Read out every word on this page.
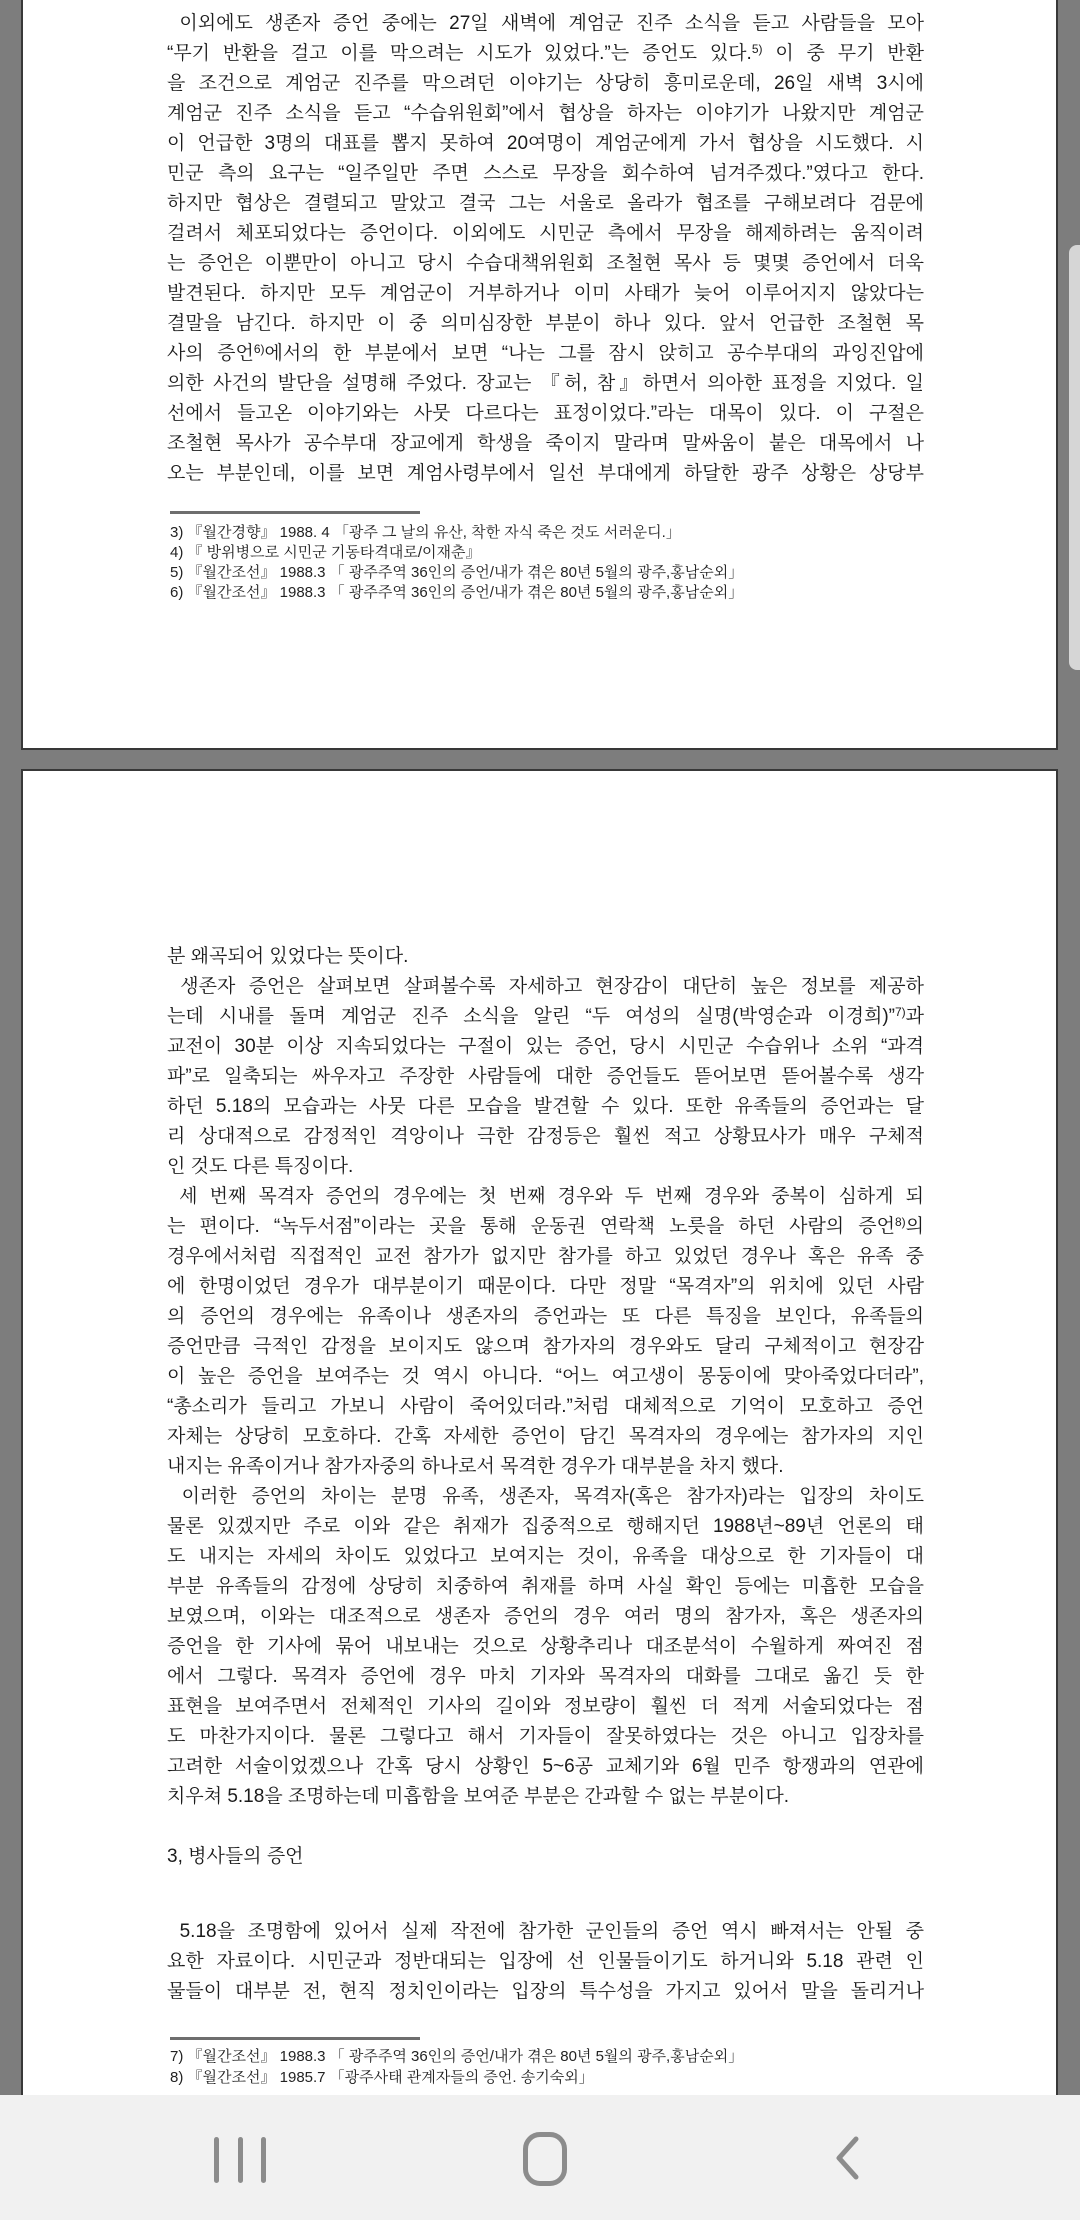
이외에도 생존자 증언 중에는 27일 새벽에 계엄군 진주 소식을 듣고 사람들을 모아
“무기 반환을 걸고 이를 막으려는 시도가 있었다.”는 증언도 있다.$^{5)}$ 이 중 무기 반환
을 조건으로 계엄군 진주를 막으려던 이야기는 상당히 흥미로운데, 26일 새벽 3시에
계엄군 진주 소식을 듣고 “수습위원회”에서 협상을 하자는 이야기가 나왔지만 계엄군
이 언급한 3명의 대표를 뽑지 못하여 20여명이 계엄군에게 가서 협상을 시도했다. 시
민군 측의 요구는 “일주일만 주면 스스로 무장을 회수하여 넘겨주겠다.”였다고 한다.
하지만 협상은 결렬되고 말았고 결국 그는 서울로 올라가 협조를 구해보려다 검문에
걸려서 체포되었다는 증언이다. 이외에도 시민군 측에서 무장을 해제하려는 움직이려
는 증언은 이뿐만이 아니고 당시 수습대책위원회 조철현 목사 등 몇몇 증언에서 더욱
발견된다. 하지만 모두 계엄군이 거부하거나 이미 사태가 늦어 이루어지지 않았다는
결말을 남긴다. 하지만 이 중 의미심장한 부분이 하나 있다. 앞서 언급한 조철현 목
사의 증언$^{6)}$에서의 한 부분에서 보면 “나는 그를 잠시 앉히고 공수부대의 과잉진압에
의한 사건의 발단을 설명해 주었다. 장교는 『허, 참』하면서 의아한 표정을 지었다. 일
선에서 들고온 이야기와는 사뭇 다르다는 표정이었다.”라는 대목이 있다. 이 구절은
조철현 목사가 공수부대 장교에게 학생을 죽이지 말라며 말싸움이 붙은 대목에서 나
오는 부분인데, 이를 보면 계엄사령부에서 일선 부대에게 하달한 광주 상황은 상당부
3) 『월간경향』 1988. 4 「광주 그 날의 유산, 착한 자식 죽은 것도 서러운디.」
4) 『 방위병으로 시민군 기동타격대로/이재춘』
5) 『월간조선』 1988.3 「 광주주역 36인의 증언/내가 겪은 80년 5월의 광주,홍남순외」
6) 『월간조선』 1988.3 「 광주주역 36인의 증언/내가 겪은 80년 5월의 광주,홍남순외」
분 왜곡되어 있었다는 뜻이다.
생존자 증언은 살펴보면 살펴볼수록 자세하고 현장감이 대단히 높은 정보를 제공하
는데 시내를 돌며 계엄군 진주 소식을 알린 “두 여성의 실명(박영순과 이경희)”$^{7)}$과
교전이 30분 이상 지속되었다는 구절이 있는 증언, 당시 시민군 수습위나 소위 “과격
파”로 일축되는 싸우자고 주장한 사람들에 대한 증언들도 뜯어보면 뜯어볼수록 생각
하던 5.18의 모습과는 사뭇 다른 모습을 발견할 수 있다. 또한 유족들의 증언과는 달
리 상대적으로 감정적인 격앙이나 극한 감정등은 훨씬 적고 상황묘사가 매우 구체적
인 것도 다른 특징이다.
세 번째 목격자 증언의 경우에는 첫 번째 경우와 두 번째 경우와 중복이 심하게 되
는 편이다. “녹두서점”이라는 곳을 통해 운동권 연락책 노릇을 하던 사람의 증언$^{8)}$의
경우에서처럼 직접적인 교전 참가가 없지만 참가를 하고 있었던 경우나 혹은 유족 중
에 한명이었던 경우가 대부분이기 때문이다. 다만 정말 “목격자”의 위치에 있던 사람
의 증언의 경우에는 유족이나 생존자의 증언과는 또 다른 특징을 보인다, 유족들의
증언만큼 극적인 감정을 보이지도 않으며 참가자의 경우와도 달리 구체적이고 현장감
이 높은 증언을 보여주는 것 역시 아니다. “어느 여고생이 몽둥이에 맞아죽었다더라”,
“총소리가 들리고 가보니 사람이 죽어있더라.”처럼 대체적으로 기억이 모호하고 증언
자체는 상당히 모호하다. 간혹 자세한 증언이 담긴 목격자의 경우에는 참가자의 지인
내지는 유족이거나 참가자중의 하나로서 목격한 경우가 대부분을 차지 했다.
이러한 증언의 차이는 분명 유족, 생존자, 목격자(혹은 참가자)라는 입장의 차이도
물론 있겠지만 주로 이와 같은 취재가 집중적으로 행해지던 1988년~89년 언론의 태
도 내지는 자세의 차이도 있었다고 보여지는 것이, 유족을 대상으로 한 기자들이 대
부분 유족들의 감정에 상당히 치중하여 취재를 하며 사실 확인 등에는 미흡한 모습을
보였으며, 이와는 대조적으로 생존자 증언의 경우 여러 명의 참가자, 혹은 생존자의
증언을 한 기사에 묶어 내보내는 것으로 상황추리나 대조분석이 수월하게 짜여진 점
에서 그렇다. 목격자 증언에 경우 마치 기자와 목격자의 대화를 그대로 옮긴 듯 한
표현을 보여주면서 전체적인 기사의 길이와 정보량이 훨씬 더 적게 서술되었다는 점
도 마찬가지이다. 물론 그렇다고 해서 기자들이 잘못하였다는 것은 아니고 입장차를
고려한 서술이었겠으나 간혹 당시 상황인 5~6공 교체기와 6월 민주 항쟁과의 연관에
치우쳐 5.18을 조명하는데 미흡함을 보여준 부분은 간과할 수 없는 부분이다.
3, 병사들의 증언
5.18을 조명함에 있어서 실제 작전에 참가한 군인들의 증언 역시 빠져서는 안될 중
요한 자료이다. 시민군과 정반대되는 입장에 선 인물들이기도 하거니와 5.18 관련 인
물들이 대부분 전, 현직 정치인이라는 입장의 특수성을 가지고 있어서 말을 돌리거나
7) 『월간조선』 1988.3 「 광주주역 36인의 증언/내가 겪은 80년 5월의 광주,홍남순외」
8) 『월간조선』 1985.7 「광주사태 관계자들의 증언. 송기숙외」
